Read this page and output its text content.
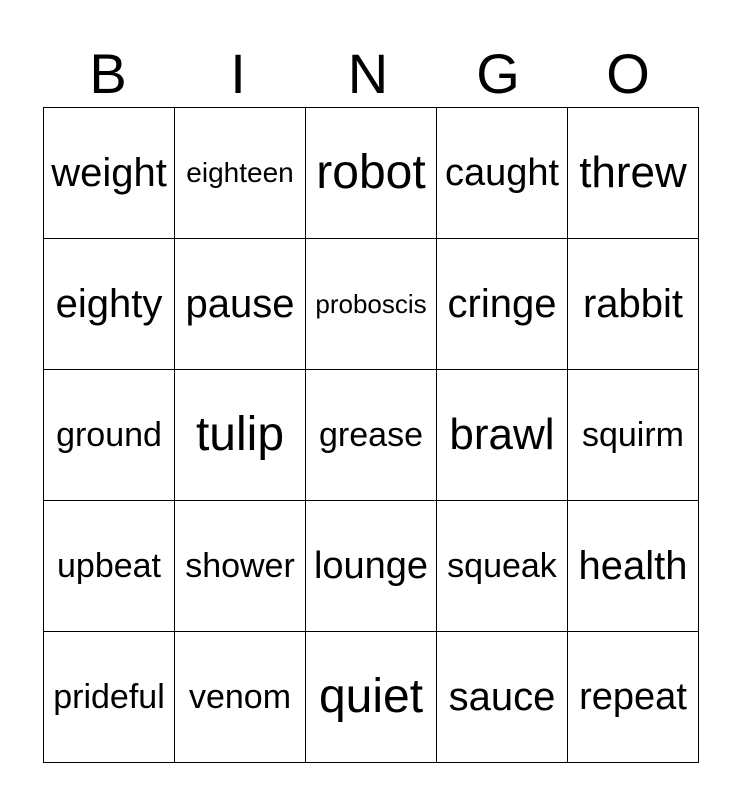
B	I	N	G	O
weight	eighteen	robot	caught	threw
eighty	pause	proboscis	cringe	rabbit
ground	tulip	grease	brawl	squirm
upbeat	shower	lounge	squeak	health
prideful	venom	quiet	sauce	repeat
